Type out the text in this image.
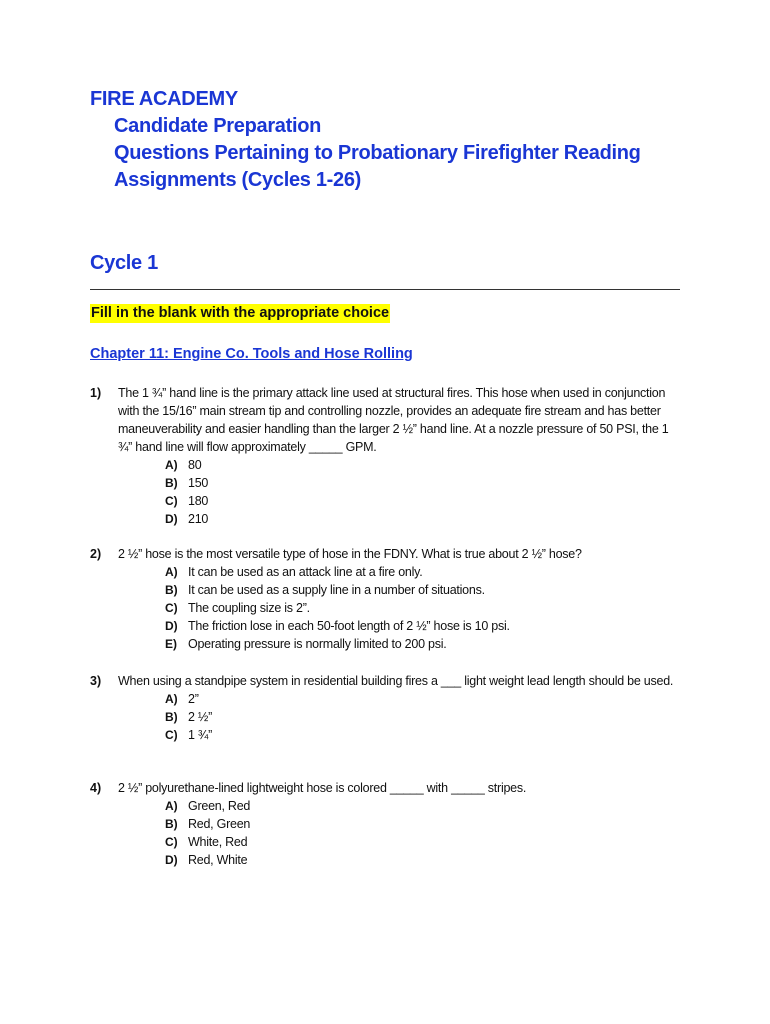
FIRE ACADEMY
Candidate Preparation
Questions Pertaining to Probationary Firefighter Reading
Assignments (Cycles 1-26)
Cycle 1
Fill in the blank with the appropriate choice
Chapter 11: Engine Co. Tools and Hose Rolling
1) The 1 ¾” hand line is the primary attack line used at structural fires. This hose when used in conjunction with the 15/16” main stream tip and controlling nozzle, provides an adequate fire stream and has better maneuverability and easier handling than the larger 2 ½” hand line. At a nozzle pressure of 50 PSI, the 1 ¾” hand line will flow approximately _____ GPM.
A) 80
B) 150
C) 180
D) 210
2) 2 ½” hose is the most versatile type of hose in the FDNY. What is true about 2 ½” hose?
A) It can be used as an attack line at a fire only.
B) It can be used as a supply line in a number of situations.
C) The coupling size is 2”.
D) The friction lose in each 50-foot length of 2 ½” hose is 10 psi.
E) Operating pressure is normally limited to 200 psi.
3) When using a standpipe system in residential building fires a ___ light weight lead length should be used.
A) 2”
B) 2 ½”
C) 1 ¾”
4) 2 ½” polyurethane-lined lightweight hose is colored _____ with _____ stripes.
A) Green, Red
B) Red, Green
C) White, Red
D) Red, White
